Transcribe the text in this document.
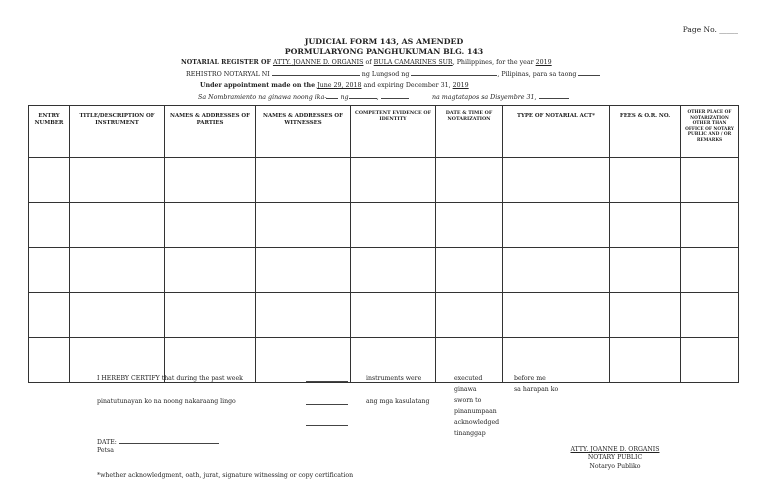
Page No. _____
JUDICIAL FORM 143, AS AMENDED
PORMULARYONG PANGHUKUMAN BLG. 143
NOTARIAL REGISTER OF ATTY. JOANNE D. ORGANIS of BULA CAMARINES SUR, Philippines, for the year 2019
REHISTRO NOTARYAL NI	ng Lungsod ng	, Pilipinas, para sa taong
Under appointment made on the June 29, 2018 and expiring December 31, 2019
Sa Nombramiento na ginawa noong ika- ng	,	na magtatapos sa Disyembre 31,
ENTRY NUMBER	TITLE/DESCRIPTION OF INSTRUMENT	NAMES & ADDRESSES OF PARTIES	NAMES & ADDRESSES OF WITNESSES	COMPETENT EVIDENCE OF IDENTITY	DATE & TIME OF NOTARIZATION	TYPE OF NOTARIAL ACT*	FEES & O.R. NO.	OTHER PLACE OF NOTARIZATION OTHER THAN OFFICE OF NOTARY PUBLIC AND / OR REMARKS

I HEREBY CERTIFY that during the past week
pinatutunayan ko na noong nakaraang lingo
instruments were
ang mga kasulatang
executed
ginawa
sworn to
pinanumpaan
acknowledged
tinanggap
before me
sa harapan ko
DATE:
Petsa	ATTY. JOANNE D. ORGANIS
NOTARY PUBLIC
Notaryo Publiko
*whether acknowledgment, oath, jurat, signature witnessing or copy certification
